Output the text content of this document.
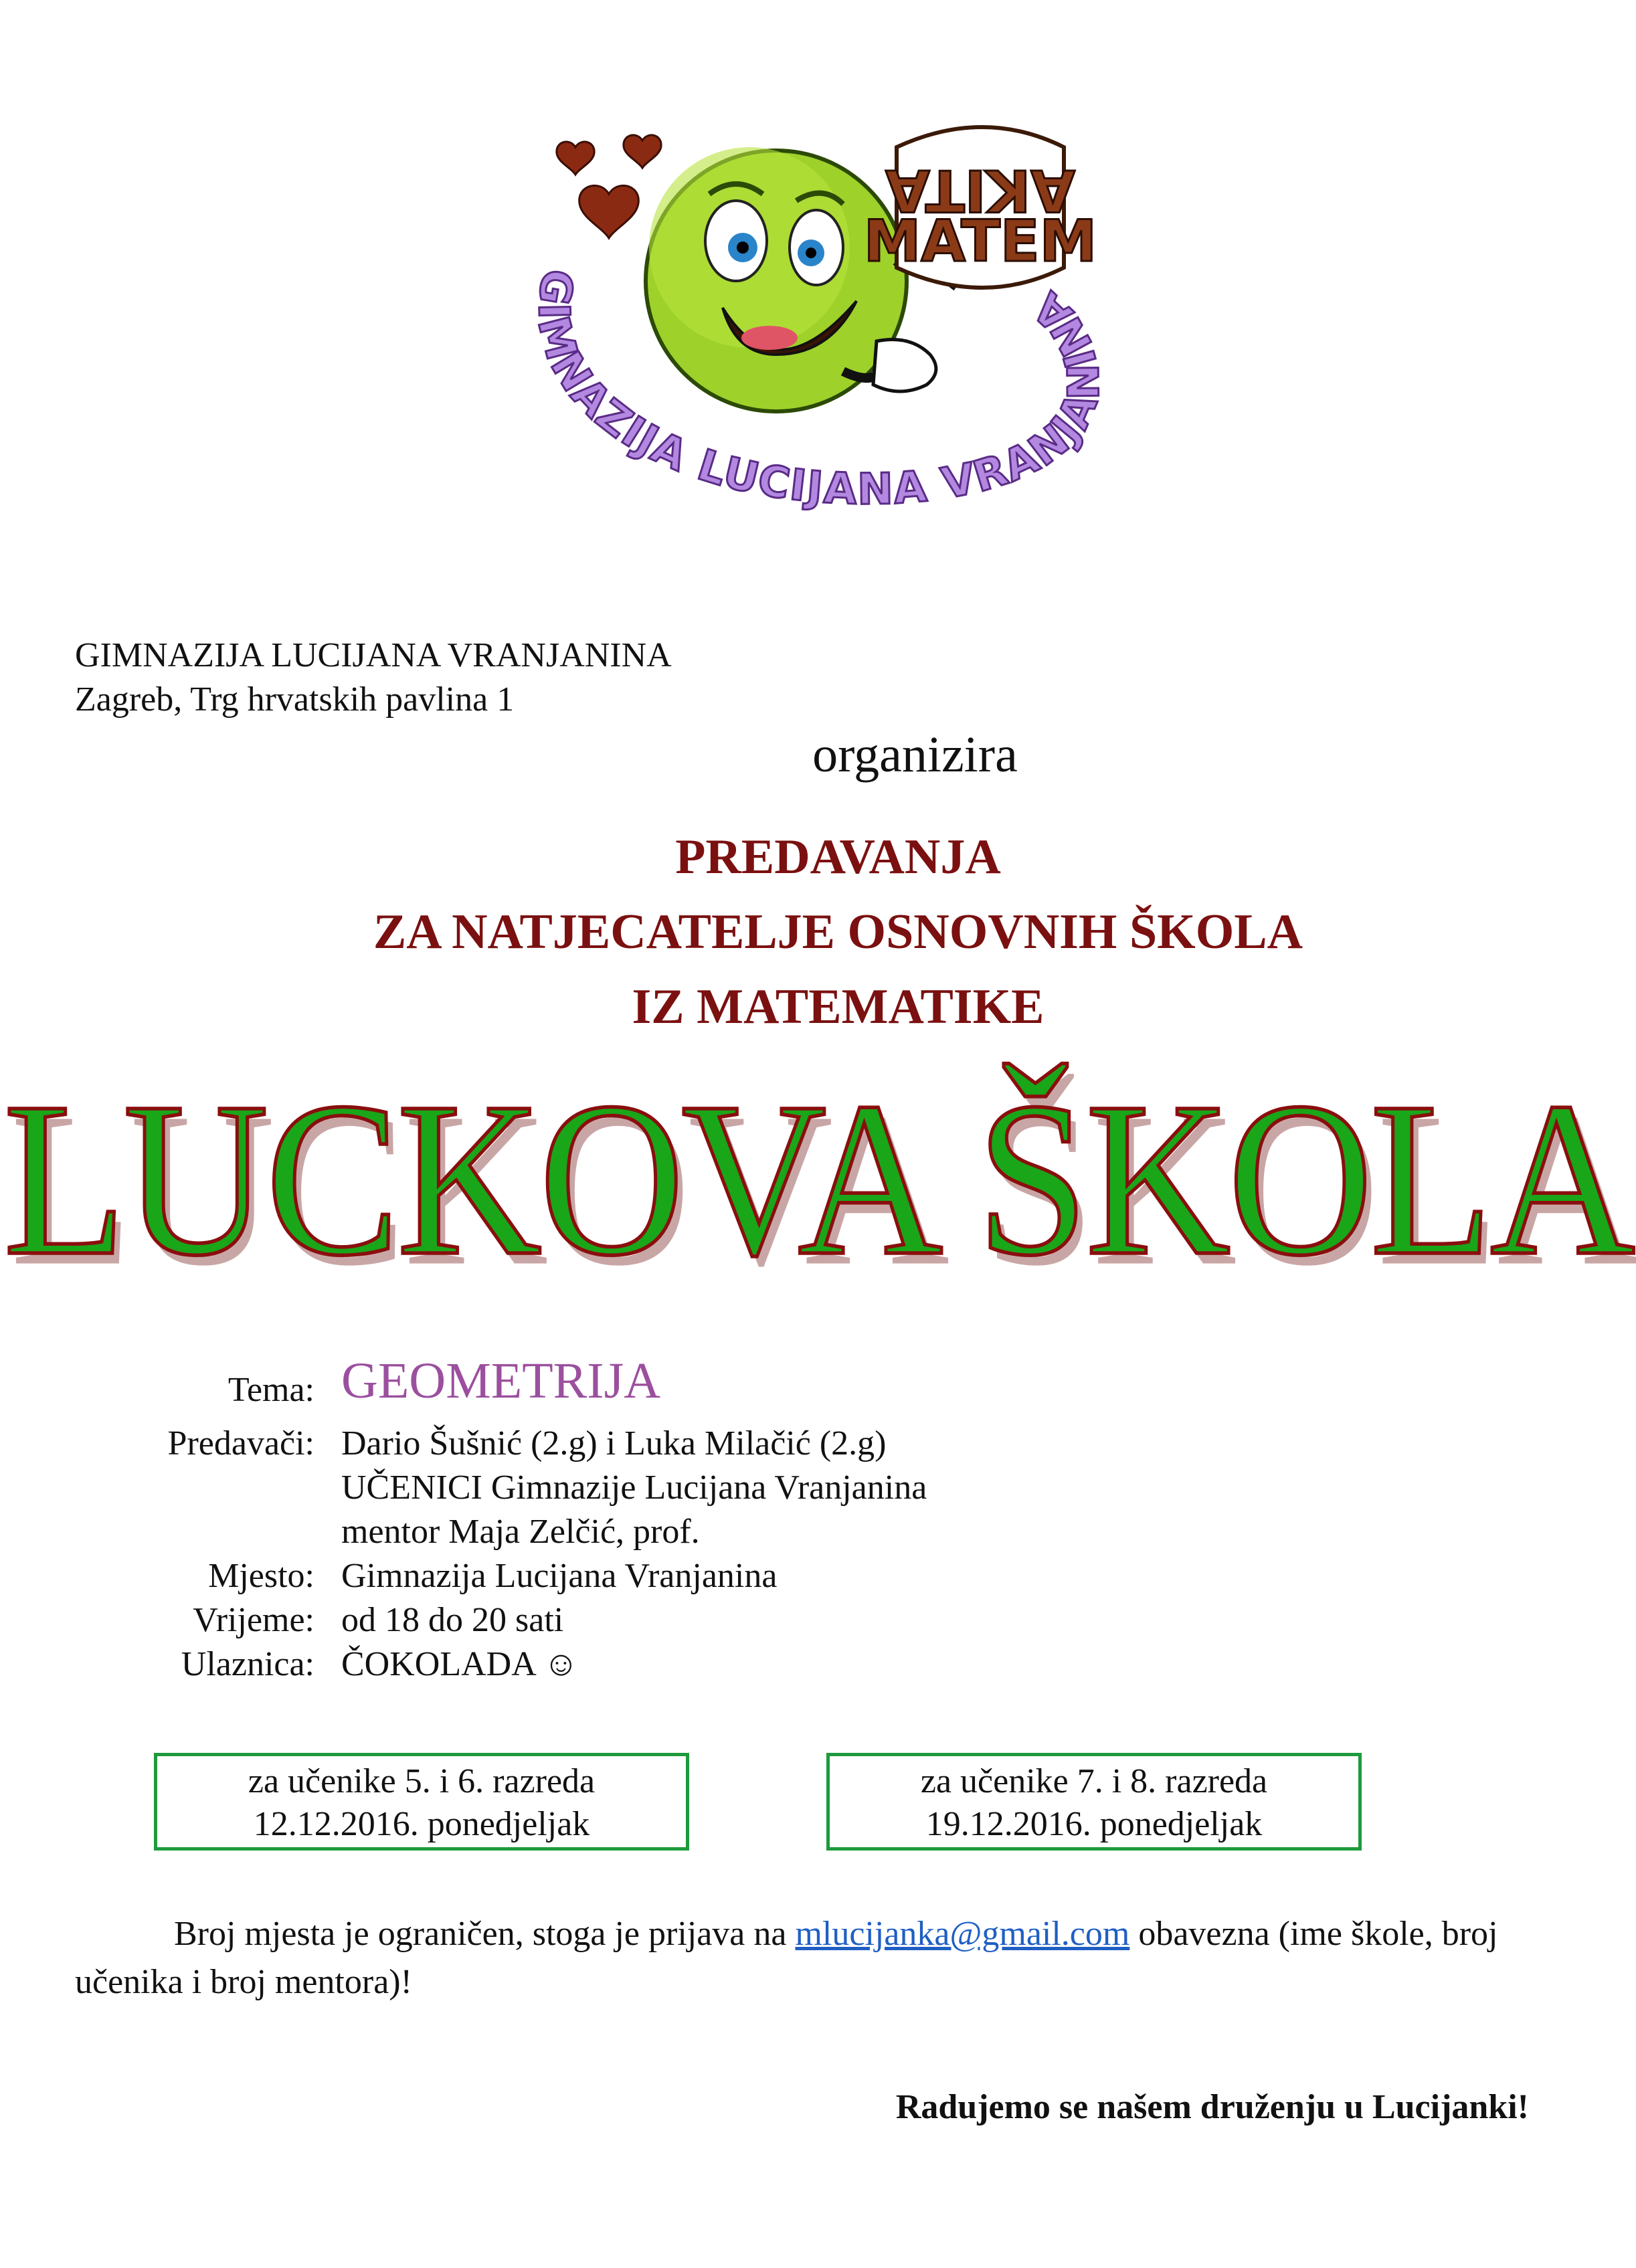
GIMNAZIJA LUCIJANA VRANJANINA
AKITA
MATEM
MATEMATIKA
GIMNAZIJA LUCIJANA VRANJANINA
Zagreb, Trg hrvatskih pavlina 1
organizira
PREDAVANJA
ZA NATJECATELJE OSNOVNIH ŠKOLA
IZ MATEMATIKE
LUCKOVA ŠKOLA
Tema: GEOMETRIJA
Predavači: Dario Šušnić (2.g) i Luka Milačić (2.g)
UČENICI Gimnazije Lucijana Vranjanina
mentor Maja Zelčić, prof.
Mjesto: Gimnazija Lucijana Vranjanina
Vrijeme: od 18 do 20 sati
Ulaznica: ČOKOLADA ☺
za učenike 5. i 6. razreda
12.12.2016. ponedjeljak
za učenike 7. i 8. razreda
19.12.2016. ponedjeljak
Broj mjesta je ograničen, stoga je prijava na mlucijanka@gmail.com obavezna (ime škole, broj učenika i broj mentora)!
Radujemo se našem druženju u Lucijanki!
